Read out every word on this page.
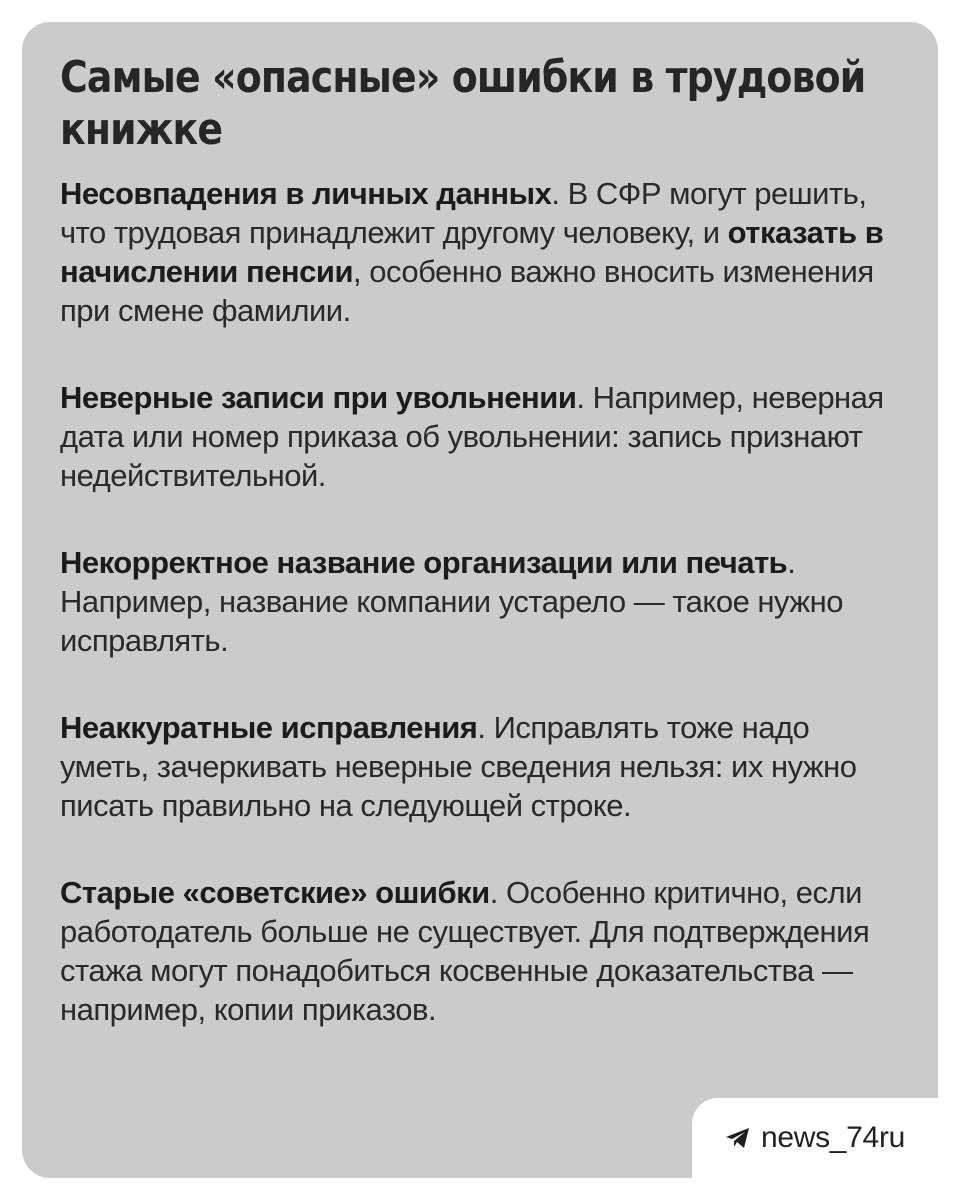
Самые «опасные» ошибки в трудовой книжке

Несовпадения в личных данных. В СФР могут решить, что трудовая принадлежит другому человеку, и отказать в начислении пенсии, особенно важно вносить изменения при смене фамилии.

Неверные записи при увольнении. Например, неверная дата или номер приказа об увольнении: запись признают недействительной.

Некорректное название организации или печать. Например, название компании устарело — такое нужно исправлять.

Неаккуратные исправления. Исправлять тоже надо уметь, зачеркивать неверные сведения нельзя: их нужно писать правильно на следующей строке.

Старые «советские» ошибки. Особенно критично, если работодатель больше не существует. Для подтверждения стажа могут понадобиться косвенные доказательства — например, копии приказов.

news_74ru
